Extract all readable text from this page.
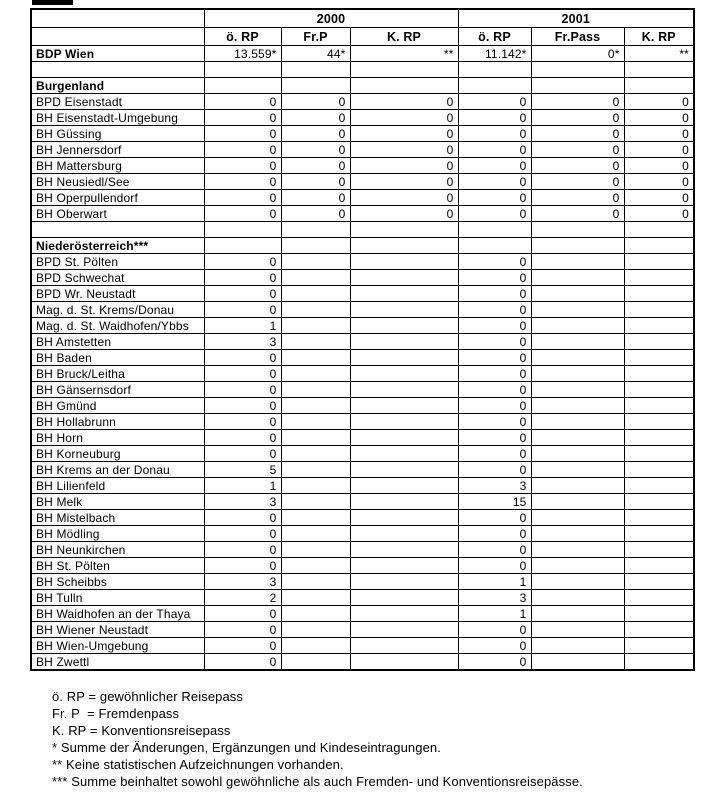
	2000			2001		
	ö. RP	Fr.P	K. RP	ö. RP	Fr.Pass	K. RP
BDP Wien	13.559*	44*	**	11.142*	0*	**

Burgenland						
BPD Eisenstadt	0	0	0	0	0	0
BH Eisenstadt-Umgebung	0	0	0	0	0	0
BH Güssing	0	0	0	0	0	0
BH Jennersdorf	0	0	0	0	0	0
BH Mattersburg	0	0	0	0	0	0
BH Neusiedl/See	0	0	0	0	0	0
BH Operpullendorf	0	0	0	0	0	0
BH Oberwart	0	0	0	0	0	0

Niederösterreich***						
BPD St. Pölten	0			0		
BPD Schwechat	0			0		
BPD Wr. Neustadt	0			0		
Mag. d. St. Krems/Donau	0			0		
Mag. d. St. Waidhofen/Ybbs	1			0		
BH Amstetten	3			0		
BH Baden	0			0		
BH Bruck/Leitha	0			0		
BH Gänsernsdorf	0			0		
BH Gmünd	0			0		
BH Hollabrunn	0			0		
BH Horn	0			0		
BH Korneuburg	0			0		
BH Krems an der Donau	5			0		
BH Lilienfeld	1			3		
BH Melk	3			15		
BH Mistelbach	0			0		
BH Mödling	0			0		
BH Neunkirchen	0			0		
BH St. Pölten	0			0		
BH Scheibbs	3			1		
BH Tulln	2			3		
BH Waidhofen an der Thaya	0			1		
BH Wiener Neustadt	0			0		
BH Wien-Umgebung	0			0		
BH Zwettl	0			0		
ö. RP = gewöhnlicher Reisepass
Fr. P  = Fremdenpass
K. RP = Konventionsreisepass
* Summe der Änderungen, Ergänzungen und Kindeseintragungen.
** Keine statistischen Aufzeichnungen vorhanden.
*** Summe beinhaltet sowohl gewöhnliche als auch Fremden- und Konventionsreisepässe.
